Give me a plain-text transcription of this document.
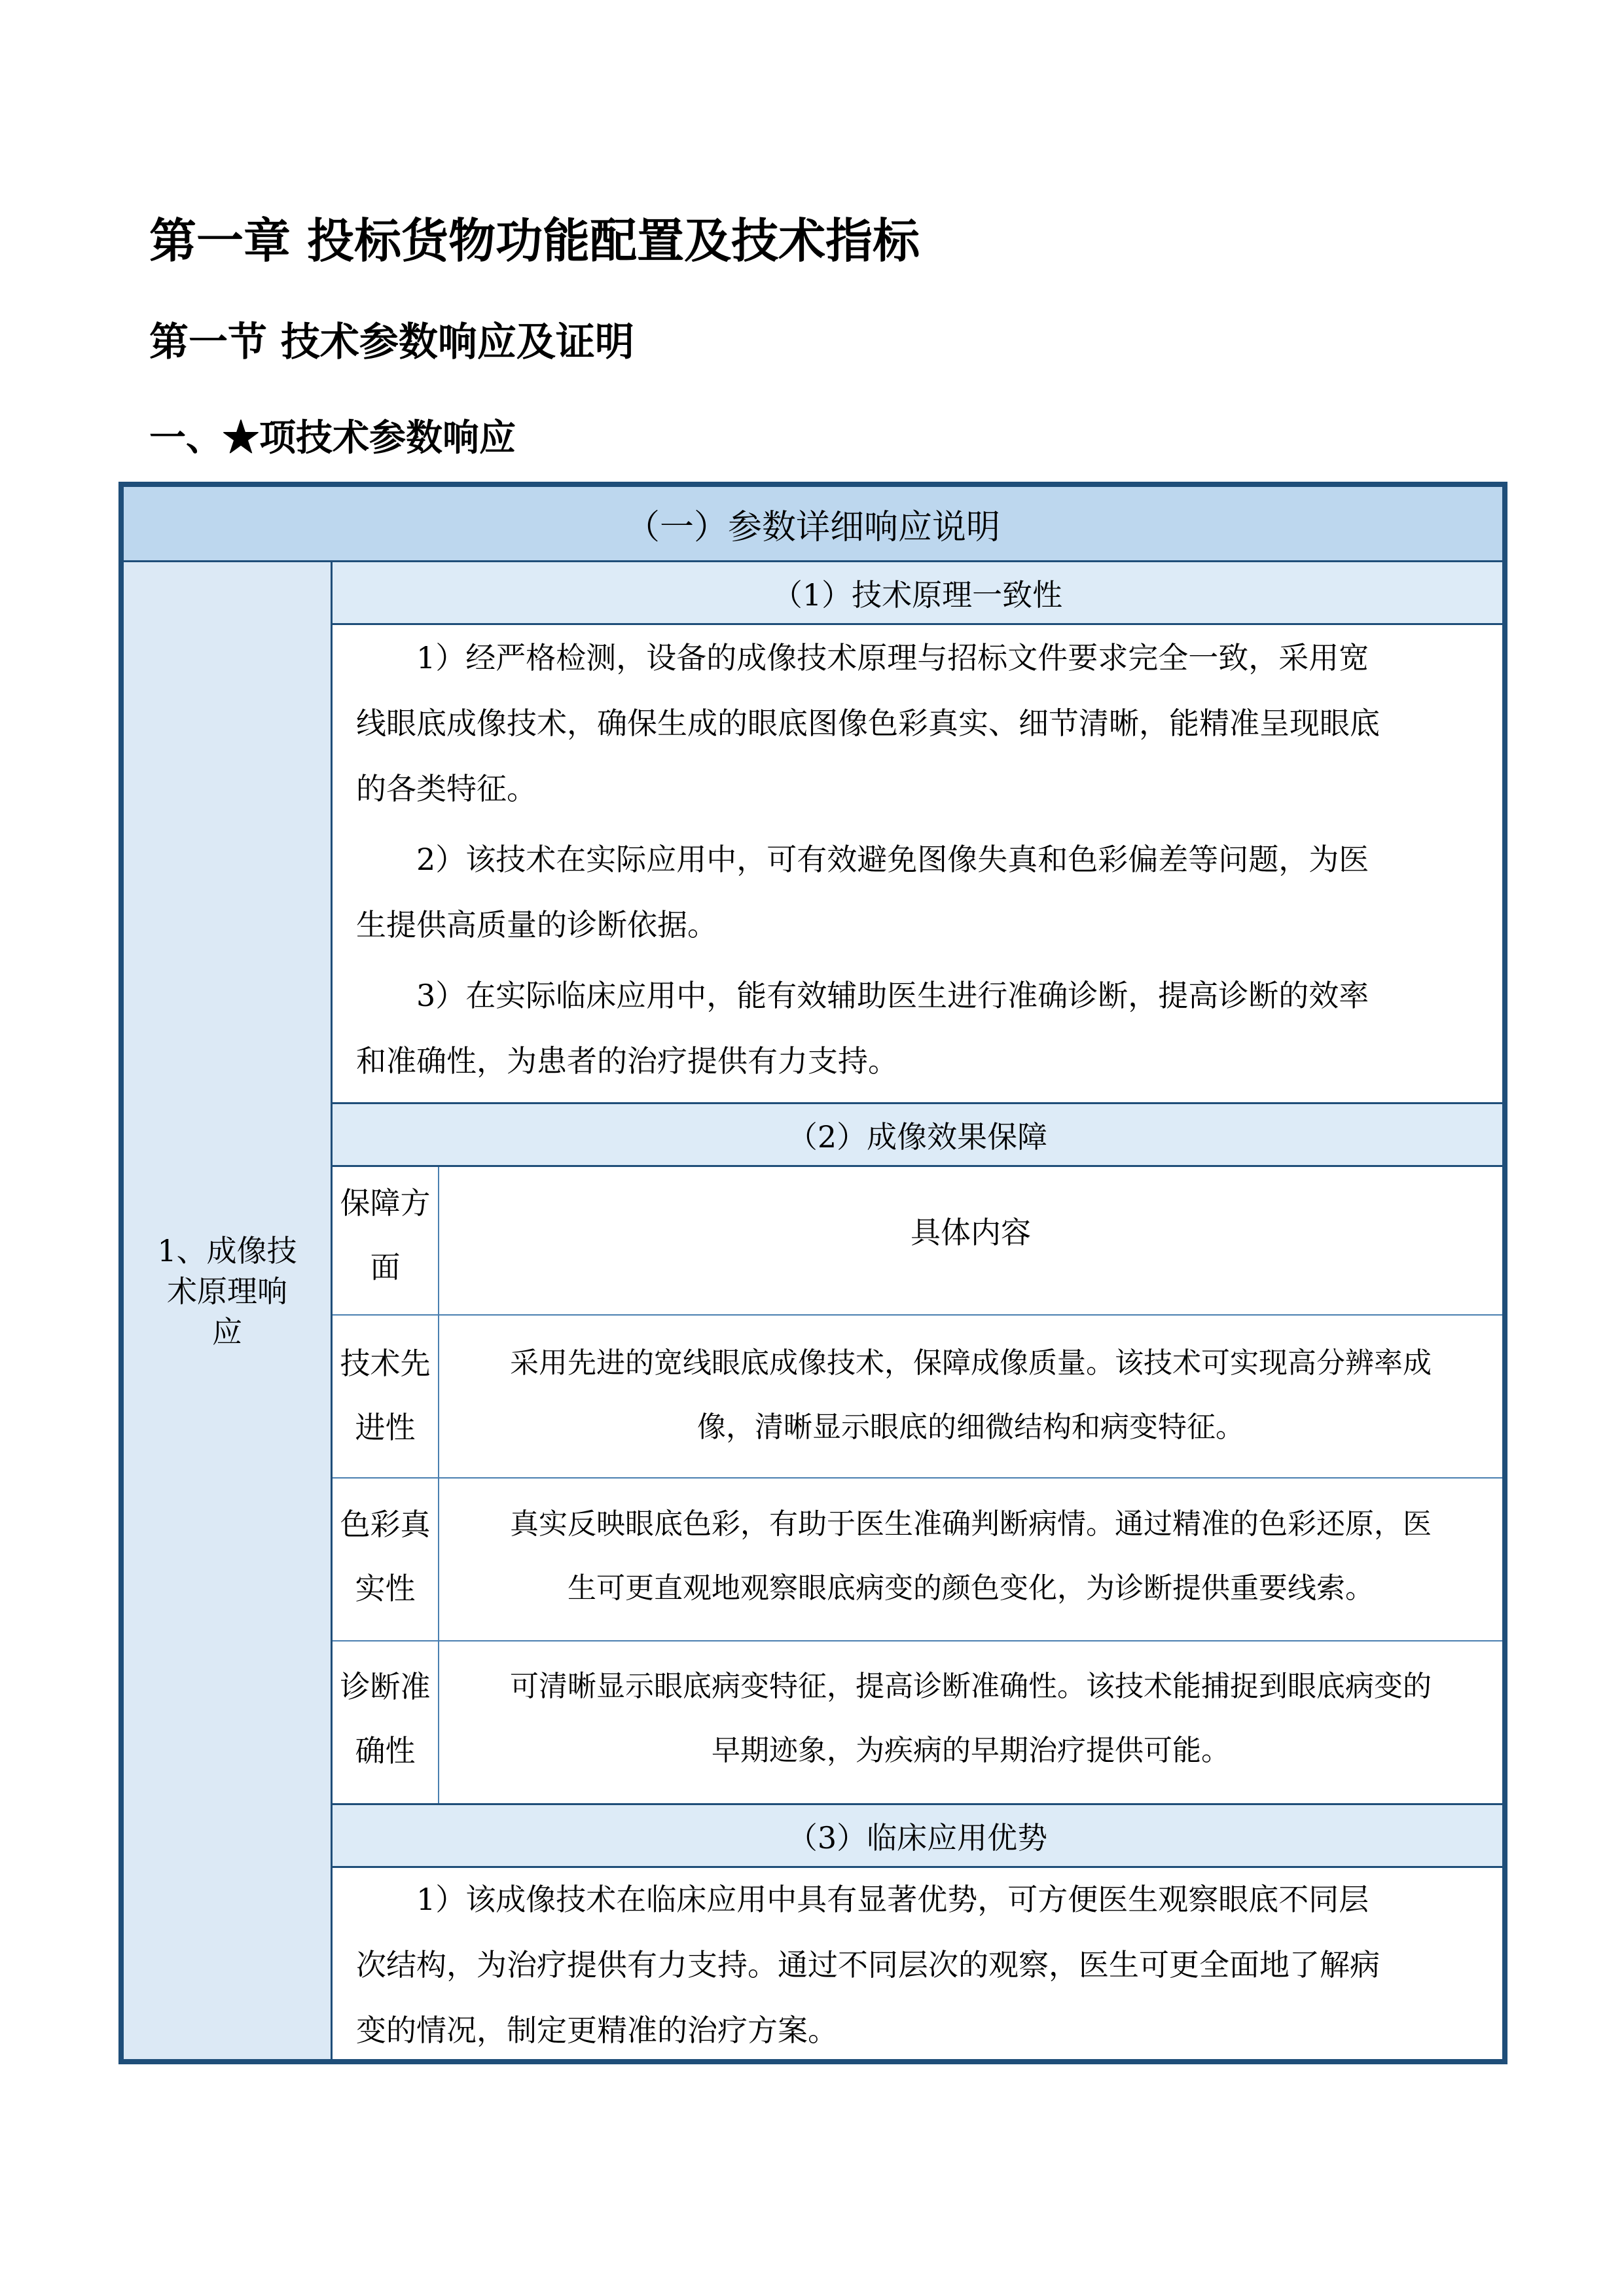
第一章 投标货物功能配置及技术指标
第一节 技术参数响应及证明
一、★项技术参数响应
（一）参数详细响应说明
1、成像技
术原理响
应
（1）技术原理一致性
1）经严格检测，设备的成像技术原理与招标文件要求完全一致，采用宽
线眼底成像技术，确保生成的眼底图像色彩真实、细节清晰，能精准呈现眼底
的各类特征。
2）该技术在实际应用中，可有效避免图像失真和色彩偏差等问题，为医
生提供高质量的诊断依据。
3）在实际临床应用中，能有效辅助医生进行准确诊断，提高诊断的效率
和准确性，为患者的治疗提供有力支持。
（2）成像效果保障
保障方
面
具体内容
技术先
进性
采用先进的宽线眼底成像技术，保障成像质量。该技术可实现高分辨率成
像，清晰显示眼底的细微结构和病变特征。
色彩真
实性
真实反映眼底色彩，有助于医生准确判断病情。通过精准的色彩还原，医
生可更直观地观察眼底病变的颜色变化，为诊断提供重要线索。
诊断准
确性
可清晰显示眼底病变特征，提高诊断准确性。该技术能捕捉到眼底病变的
早期迹象，为疾病的早期治疗提供可能。
（3）临床应用优势
1）该成像技术在临床应用中具有显著优势，可方便医生观察眼底不同层
次结构，为治疗提供有力支持。通过不同层次的观察，医生可更全面地了解病
变的情况，制定更精准的治疗方案。
